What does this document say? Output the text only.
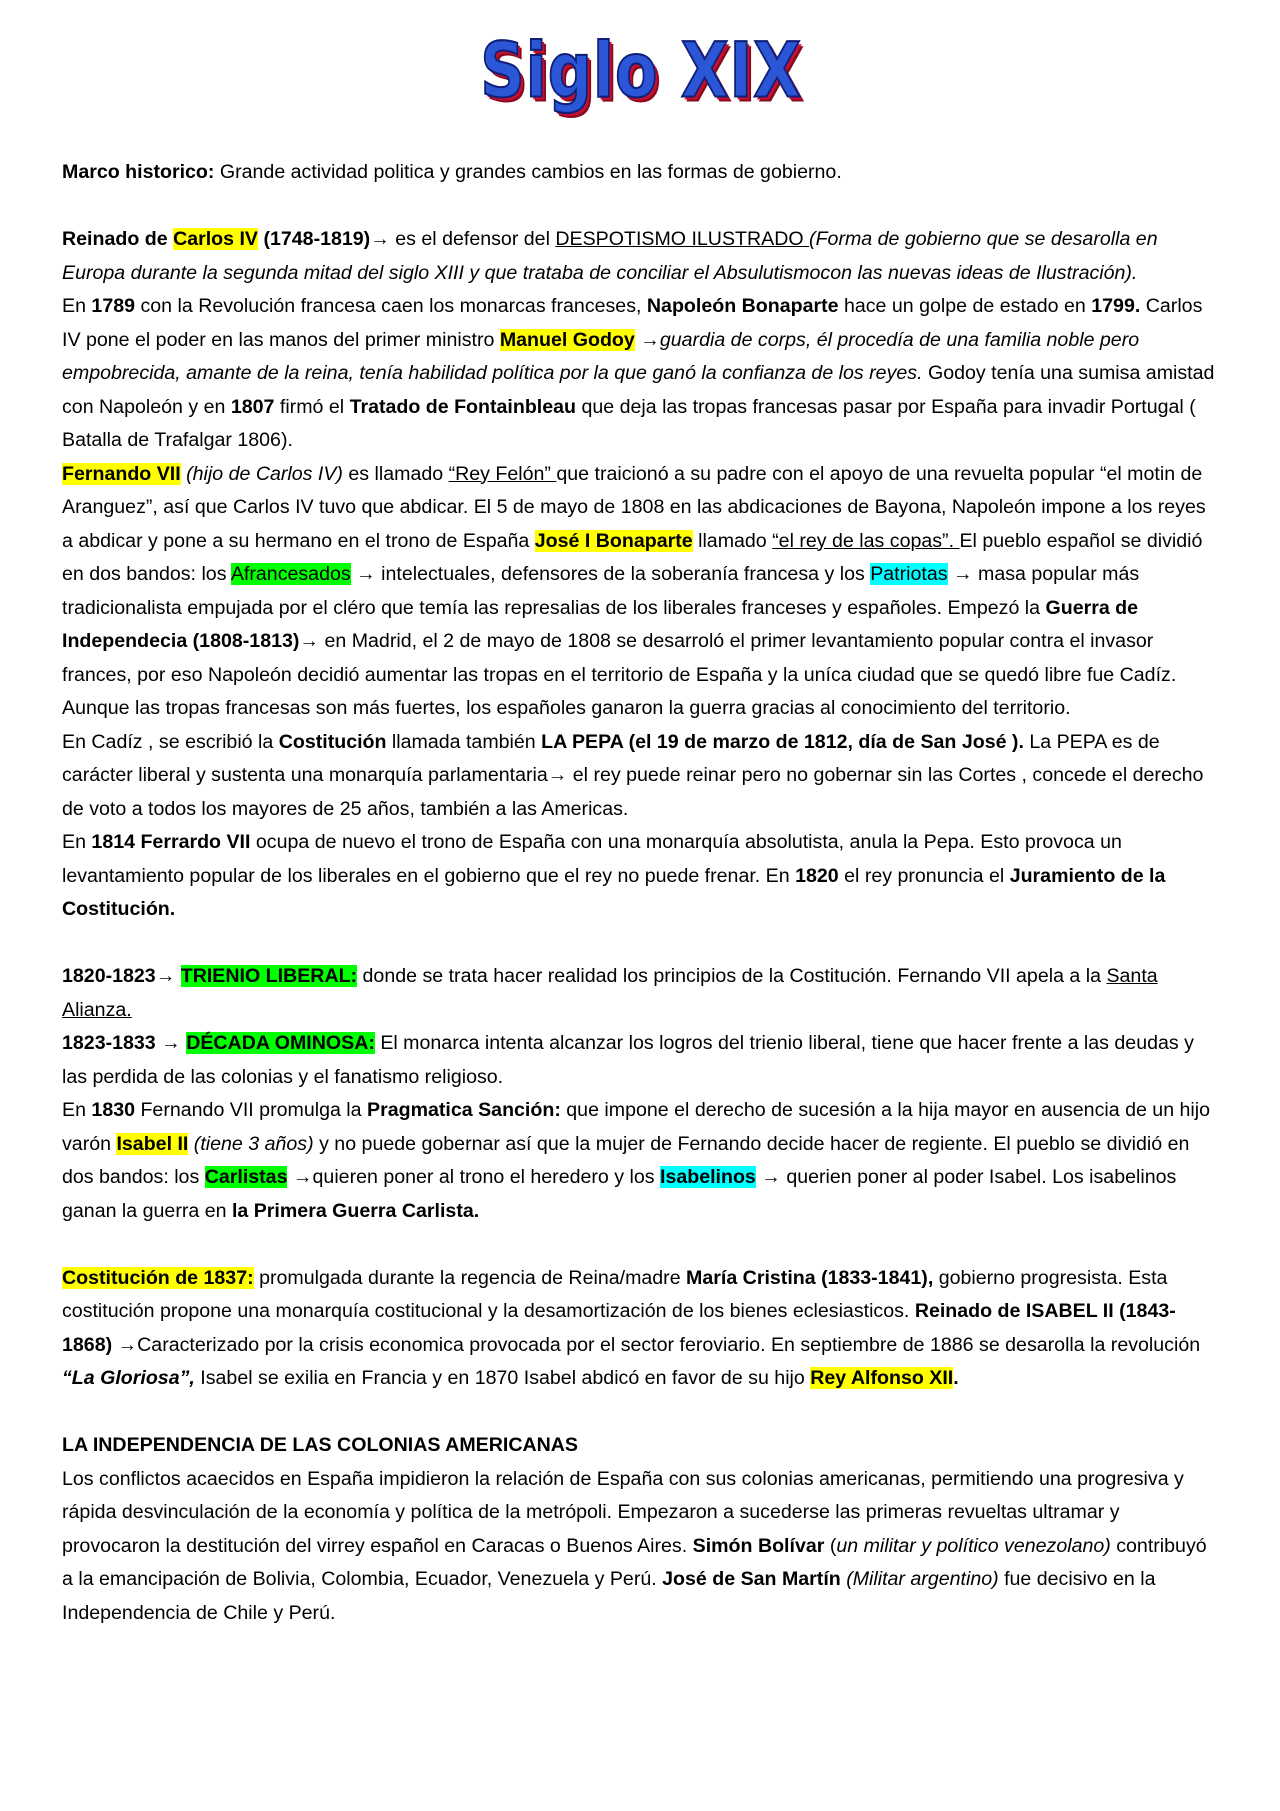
Siglo XIX

Marco historico: Grande actividad politica y grandes cambios en las formas de gobierno.

Reinado de Carlos IV (1748-1819)→ es el defensor del DESPOTISMO ILUSTRADO (Forma de gobierno que se desarolla en Europa durante la segunda mitad del siglo XIII y que trataba de conciliar el Absulutismocon las nuevas ideas de Ilustración).
En 1789 con la Revolución francesa caen los monarcas franceses, Napoleón Bonaparte hace un golpe de estado en 1799. Carlos IV pone el poder en las manos del primer ministro Manuel Godoy →guardia de corps, él procedía de una familia noble pero empobrecida, amante de la reina, tenía habilidad política por la que ganó la confianza de los reyes. Godoy tenía una sumisa amistad con Napoleón y en 1807 firmó el Tratado de Fontainbleau que deja las tropas francesas pasar por España para invadir Portugal ( Batalla de Trafalgar 1806).

Fernando VII (hijo de Carlos IV) es llamado “Rey Felón” que traicionó a su padre con el apoyo de una revuelta popular “el motin de Aranguez”, así que Carlos IV tuvo que abdicar. El 5 de mayo de 1808 en las abdicaciones de Bayona, Napoleón impone a los reyes a abdicar y pone a su hermano en el trono de España José I Bonaparte llamado “el rey de las copas”. El pueblo español se dividió en dos bandos: los Afrancesados → intelectuales, defensores de la soberanía francesa y los Patriotas → masa popular más tradicionalista empujada por el cléro que temía las represalias de los liberales franceses y españoles. Empezó la Guerra de Independecia (1808-1813)→ en Madrid, el 2 de mayo de 1808 se desarroló el primer levantamiento popular contra el invasor frances, por eso Napoleón decidió aumentar las tropas en el territorio de España y la uníca ciudad que se quedó libre fue Cadíz. Aunque las tropas francesas son más fuertes, los españoles ganaron la guerra gracias al conocimiento del territorio.

En Cadíz , se escribió la Costitución llamada también LA PEPA (el 19 de marzo de 1812, día de San José ). La PEPA es de carácter liberal y sustenta una monarquía parlamentaria→ el rey puede reinar pero no gobernar sin las Cortes , concede el derecho de voto a todos los mayores de 25 años, también a las Americas.

En 1814 Ferrardo VII ocupa de nuevo el trono de España con una monarquía absolutista, anula la Pepa. Esto provoca un levantamiento popular de los liberales en el gobierno que el rey no puede frenar. En 1820 el rey pronuncia el Juramiento de la Costitución.

1820-1823→ TRIENIO LIBERAL: donde se trata hacer realidad los principios de la Costitución. Fernando VII apela a la Santa Alianza.

1823-1833 → DÉCADA OMINOSA: El monarca intenta alcanzar los logros del trienio liberal, tiene que hacer frente a las deudas y las perdida de las colonias y el fanatismo religioso.

En 1830 Fernando VII promulga la Pragmatica Sanción: que impone el derecho de sucesión a la hija mayor en ausencia de un hijo varón Isabel II (tiene 3 años) y no puede gobernar así que la mujer de Fernando decide hacer de regiente. El pueblo se dividió en dos bandos: los Carlistas →quieren poner al trono el heredero y los Isabelinos → querien poner al poder Isabel. Los isabelinos ganan la guerra en la Primera Guerra Carlista.

Costitución de 1837: promulgada durante la regencia de Reina/madre María Cristina (1833-1841), gobierno progresista. Esta costitución propone una monarquía costitucional y la desamortización de los bienes eclesiasticos. Reinado de ISABEL II (1843-1868) →Caracterizado por la crisis economica provocada por el sector feroviario. En septiembre de 1886 se desarolla la revolución “La Gloriosa”, Isabel se exilia en Francia y en 1870 Isabel abdicó en favor de su hijo Rey Alfonso XII.

LA INDEPENDENCIA DE LAS COLONIAS AMERICANAS

Los conflictos acaecidos en España impidieron la relación de España con sus colonias americanas, permitiendo una progresiva y rápida desvinculación de la economía y política de la metrópoli. Empezaron a sucederse las primeras revueltas ultramar y provocaron la destitución del virrey español en Caracas o Buenos Aires. Simón Bolívar (un militar y político venezolano) contribuyó a la emancipación de Bolivia, Colombia, Ecuador, Venezuela y Perú. José de San Martín (Militar argentino) fue decisivo en la Independencia de Chile y Perú.
